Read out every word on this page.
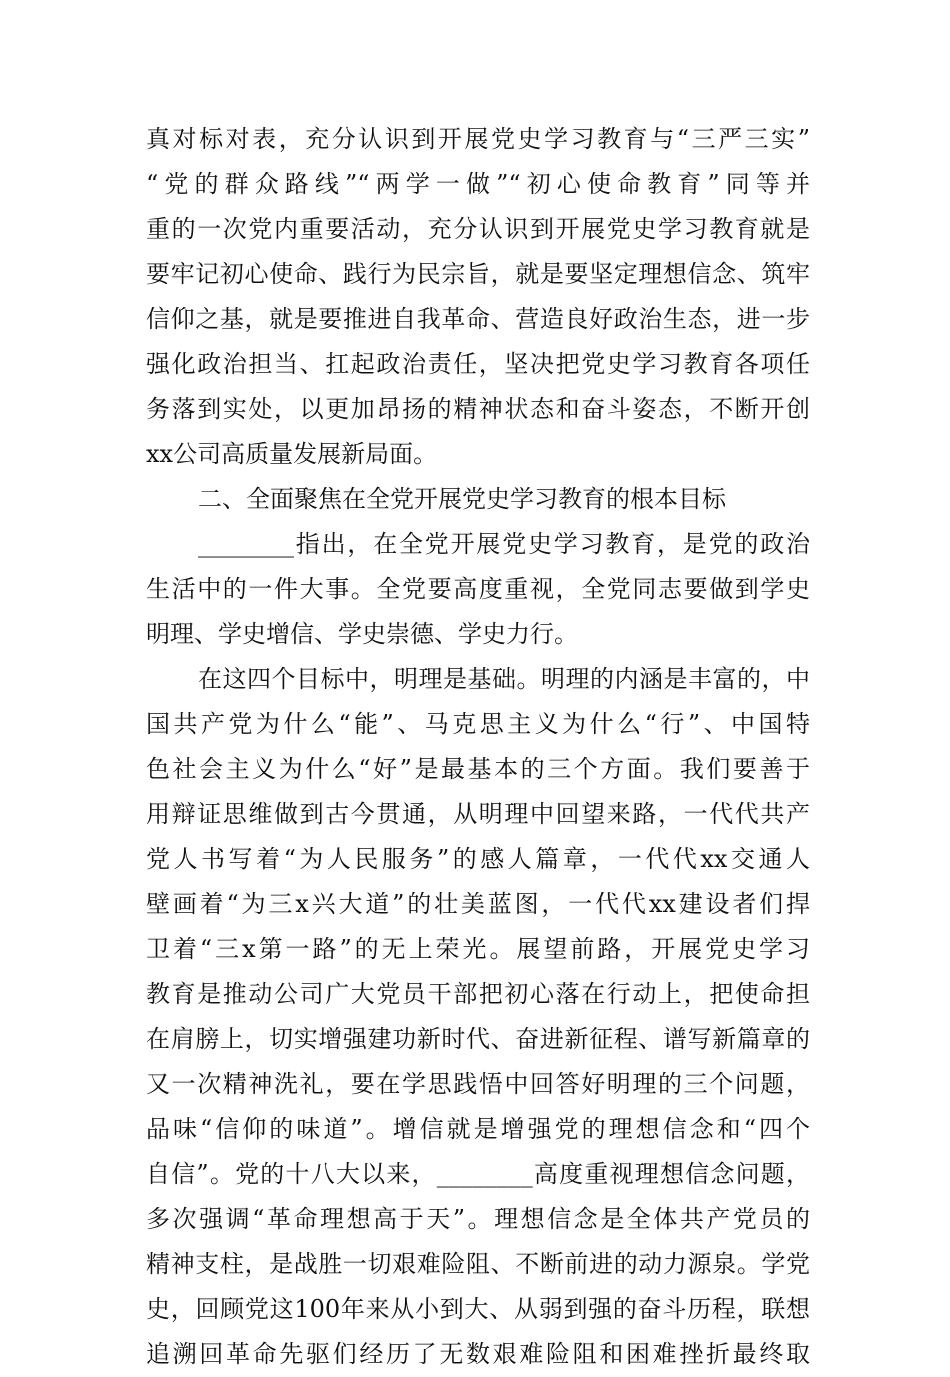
真对标对表，充分认识到开展党史学习教育与“三严三实”
“党的群众路线”“两学一做”“初心使命教育”同等并
重的一次党内重要活动，充分认识到开展党史学习教育就是
要牢记初心使命、践行为民宗旨，就是要坚定理想信念、筑牢
信仰之基，就是要推进自我革命、营造良好政治生态，进一步
强化政治担当、扛起政治责任，坚决把党史学习教育各项任
务落到实处，以更加昂扬的精神状态和奋斗姿态，不断开创
xx公司高质量发展新局面。
二、全面聚焦在全党开展党史学习教育的根本目标
________指出，在全党开展党史学习教育，是党的政治
生活中的一件大事。全党要高度重视，全党同志要做到学史
明理、学史增信、学史崇德、学史力行。
在这四个目标中，明理是基础。明理的内涵是丰富的，中
国共产党为什么“能”、马克思主义为什么“行”、中国特
色社会主义为什么“好”是最基本的三个方面。我们要善于
用辩证思维做到古今贯通，从明理中回望来路，一代代共产
党人书写着“为人民服务”的感人篇章，一代代xx交通人
壁画着“为三x兴大道”的壮美蓝图，一代代xx建设者们捍
卫着“三x第一路”的无上荣光。展望前路，开展党史学习
教育是推动公司广大党员干部把初心落在行动上，把使命担
在肩膀上，切实增强建功新时代、奋进新征程、谱写新篇章的
又一次精神洗礼，要在学思践悟中回答好明理的三个问题，
品味“信仰的味道”。增信就是增强党的理想信念和“四个
自信”。党的十八大以来，________高度重视理想信念问题，
多次强调“革命理想高于天”。理想信念是全体共产党员的
精神支柱，是战胜一切艰难险阻、不断前进的动力源泉。学党
史，回顾党这100年来从小到大、从弱到强的奋斗历程，联想
追溯回革命先驱们经历了无数艰难险阻和困难挫折最终取
